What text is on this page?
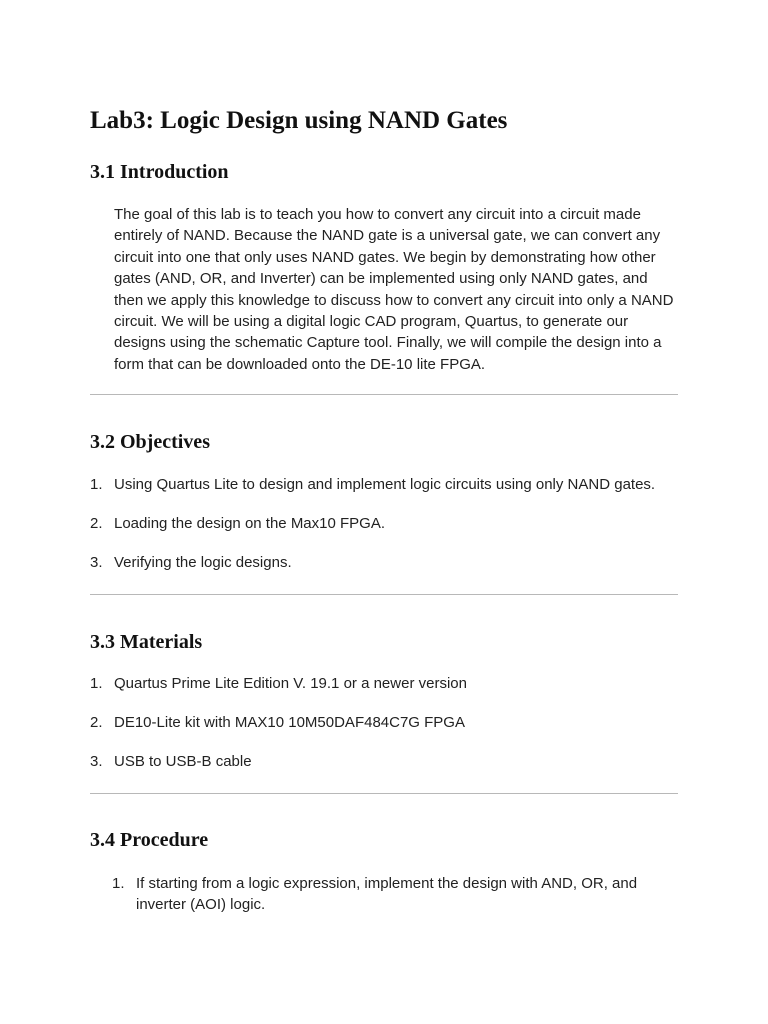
Lab3: Logic Design using NAND Gates
3.1 Introduction

The goal of this lab is to teach you how to convert any circuit into a circuit made entirely of NAND. Because the NAND gate is a universal gate, we can convert any circuit into one that only uses NAND gates. We begin by demonstrating how other gates (AND, OR, and Inverter) can be implemented using only NAND gates, and then we apply this knowledge to discuss how to convert any circuit into only a NAND circuit. We will be using a digital logic CAD program, Quartus, to generate our designs using the schematic Capture tool. Finally, we will compile the design into a form that can be downloaded onto the DE-10 lite FPGA.

3.2 Objectives
1. Using Quartus Lite to design and implement logic circuits using only NAND gates.
2. Loading the design on the Max10 FPGA.
3. Verifying the logic designs.
3.3 Materials
1. Quartus Prime Lite Edition V. 19.1 or a newer version
2. DE10-Lite kit with MAX10 10M50DAF484C7G FPGA
3. USB to USB-B cable
3.4 Procedure
1. If starting from a logic expression, implement the design with AND, OR, and inverter (AOI) logic.
